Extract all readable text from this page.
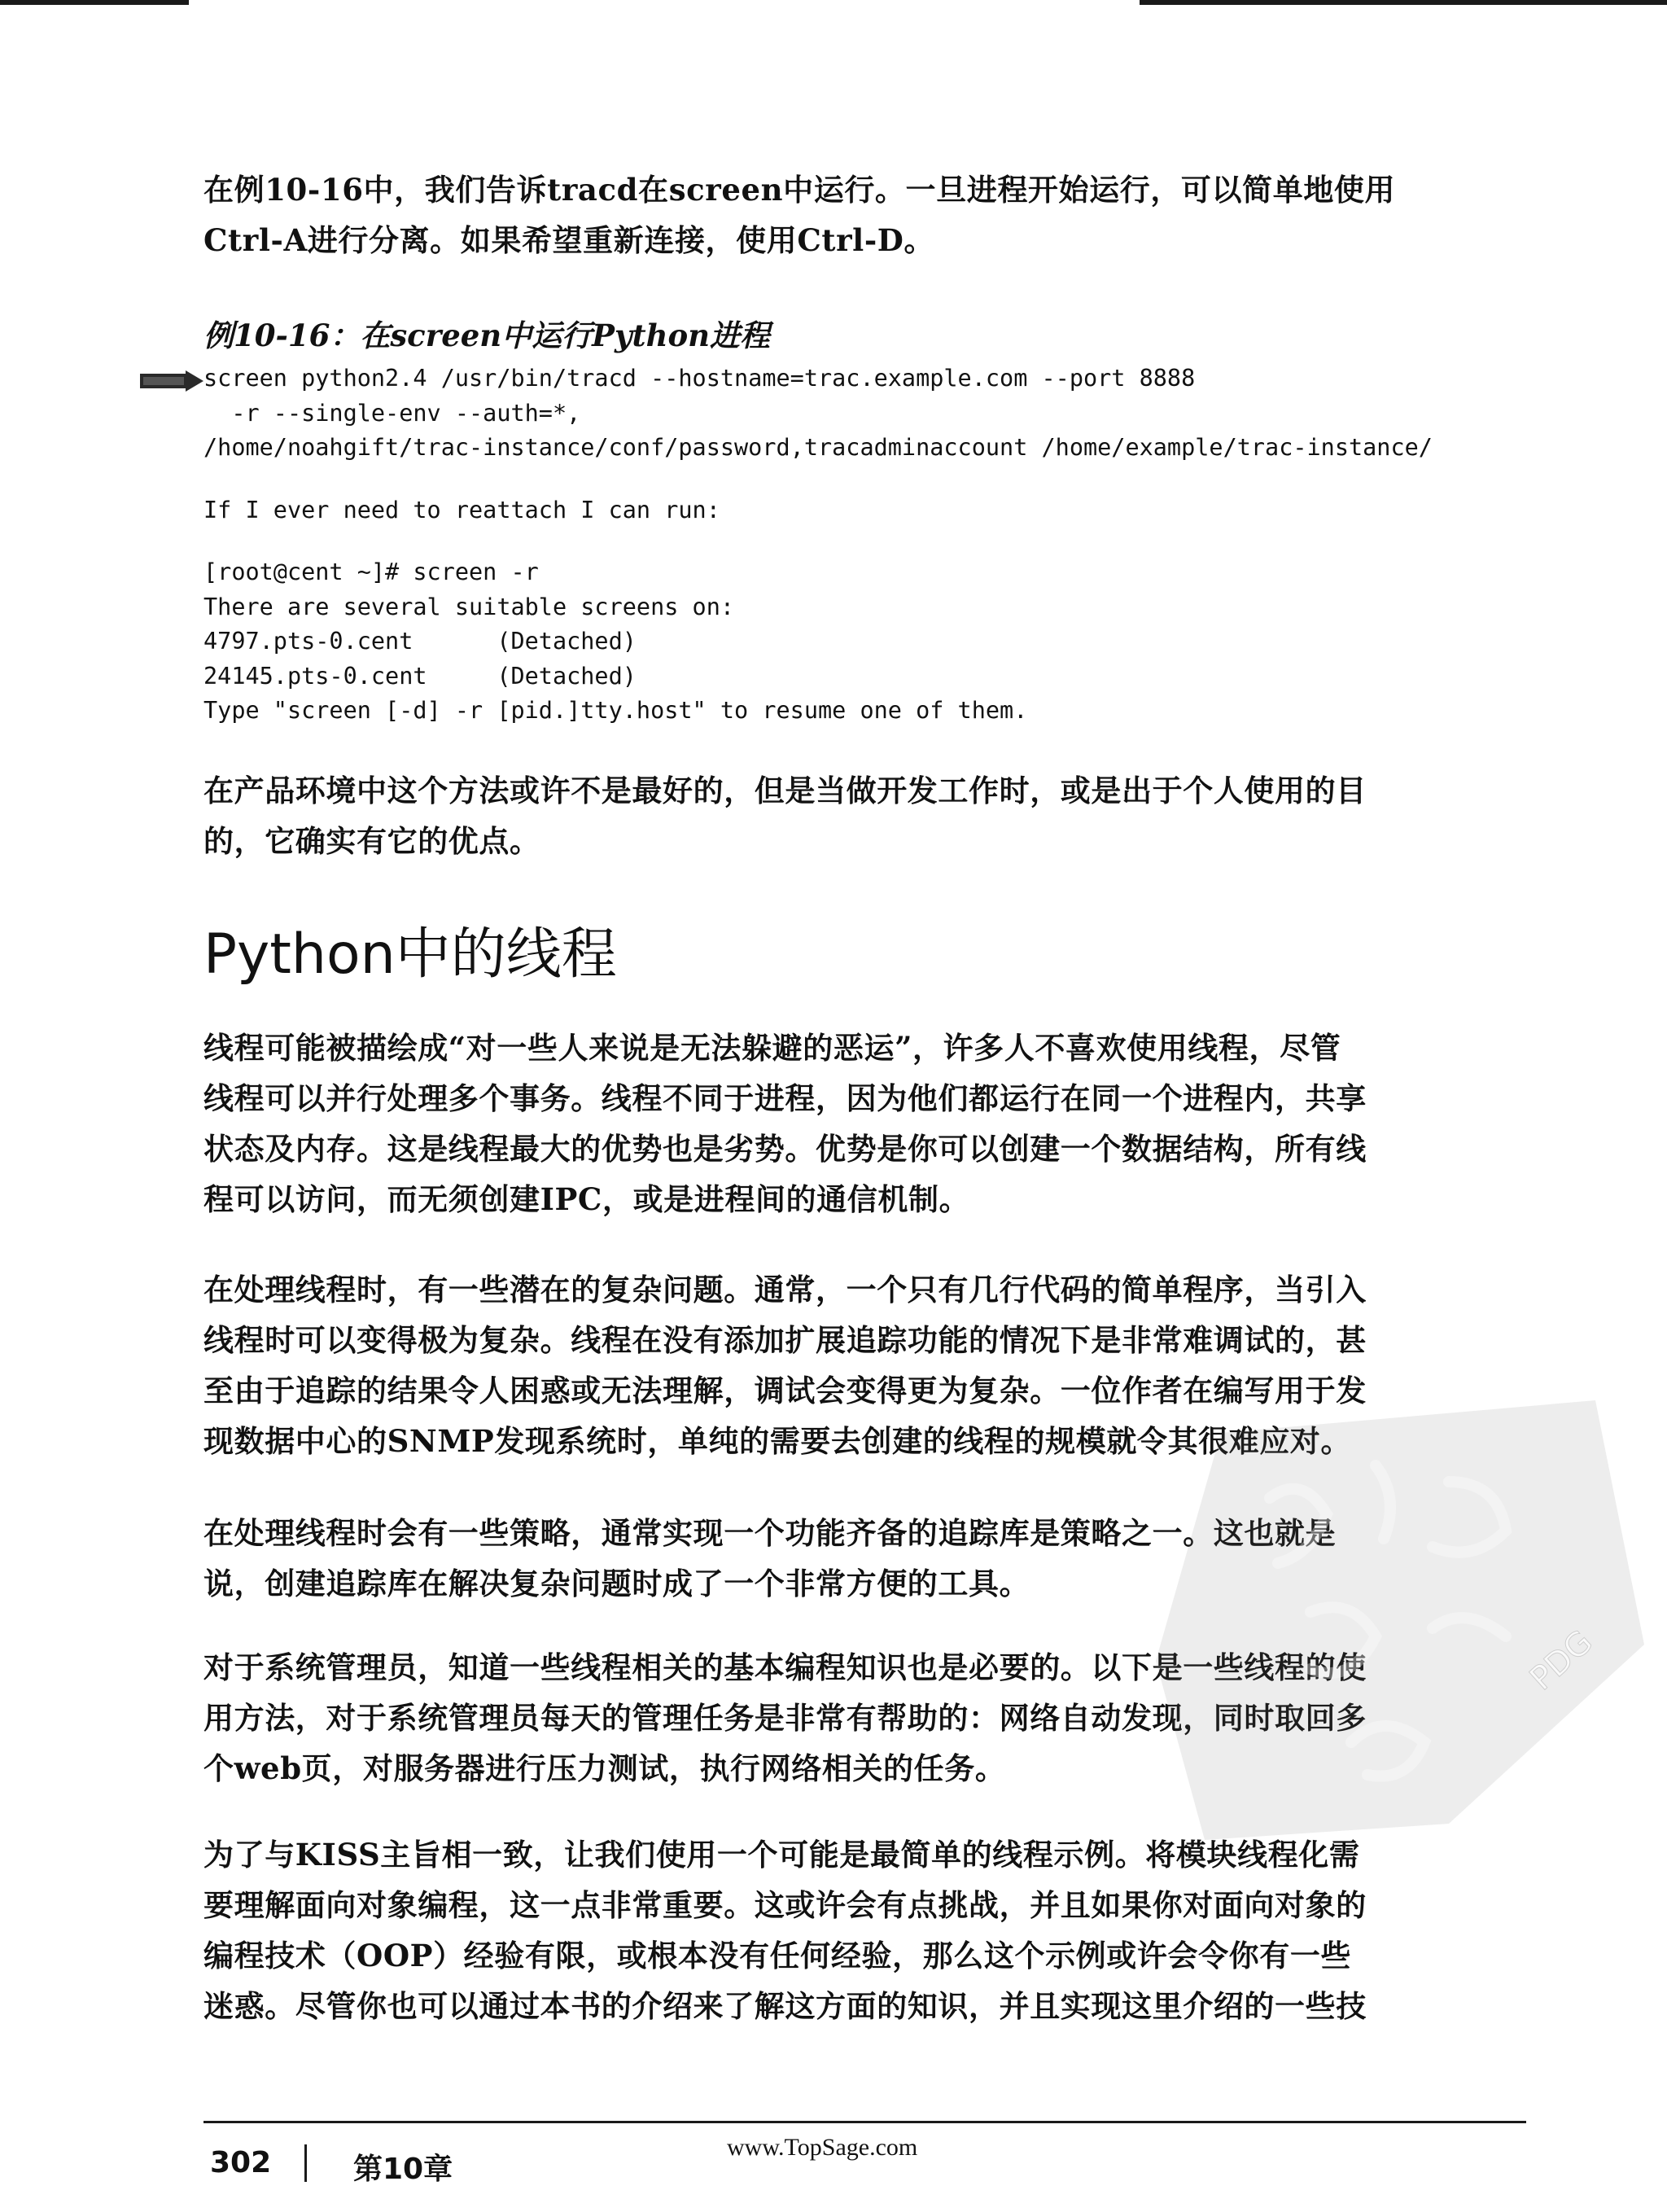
在例10-16中，我们告诉tracd在screen中运行。一旦进程开始运行，可以简单地使用
Ctrl-A进行分离。如果希望重新连接，使用Ctrl-D。
例10-16：在screen中运行Python进程
screen python2.4 /usr/bin/tracd --hostname=trac.example.com --port 8888
-r --single-env --auth=*,
/home/noahgift/trac-instance/conf/password,tracadminaccount /home/example/trac-instance/
If I ever need to reattach I can run:
[root@cent ~]# screen -r
There are several suitable screens on:
4797.pts-0.cent      (Detached)
24145.pts-0.cent     (Detached)
Type "screen [-d] -r [pid.]tty.host" to resume one of them.
在产品环境中这个方法或许不是最好的，但是当做开发工作时，或是出于个人使用的目
的，它确实有它的优点。
Python中的线程
线程可能被描绘成“对一些人来说是无法躲避的恶运”，许多人不喜欢使用线程，尽管
线程可以并行处理多个事务。线程不同于进程，因为他们都运行在同一个进程内，共享
状态及内存。这是线程最大的优势也是劣势。优势是你可以创建一个数据结构，所有线
程可以访问，而无须创建IPC，或是进程间的通信机制。
在处理线程时，有一些潜在的复杂问题。通常，一个只有几行代码的简单程序，当引入
线程时可以变得极为复杂。线程在没有添加扩展追踪功能的情况下是非常难调试的，甚
至由于追踪的结果令人困惑或无法理解，调试会变得更为复杂。一位作者在编写用于发
现数据中心的SNMP发现系统时，单纯的需要去创建的线程的规模就令其很难应对。
在处理线程时会有一些策略，通常实现一个功能齐备的追踪库是策略之一。这也就是
说，创建追踪库在解决复杂问题时成了一个非常方便的工具。
对于系统管理员，知道一些线程相关的基本编程知识也是必要的。以下是一些线程的使
用方法，对于系统管理员每天的管理任务是非常有帮助的：网络自动发现，同时取回多
个web页，对服务器进行压力测试，执行网络相关的任务。
为了与KISS主旨相一致，让我们使用一个可能是最简单的线程示例。将模块线程化需
要理解面向对象编程，这一点非常重要。这或许会有点挑战，并且如果你对面向对象的
编程技术（OOP）经验有限，或根本没有任何经验，那么这个示例或许会令你有一些
迷惑。尽管你也可以通过本书的介绍来了解这方面的知识，并且实现这里介绍的一些技
PDG
302	第10章
www.TopSage.com
